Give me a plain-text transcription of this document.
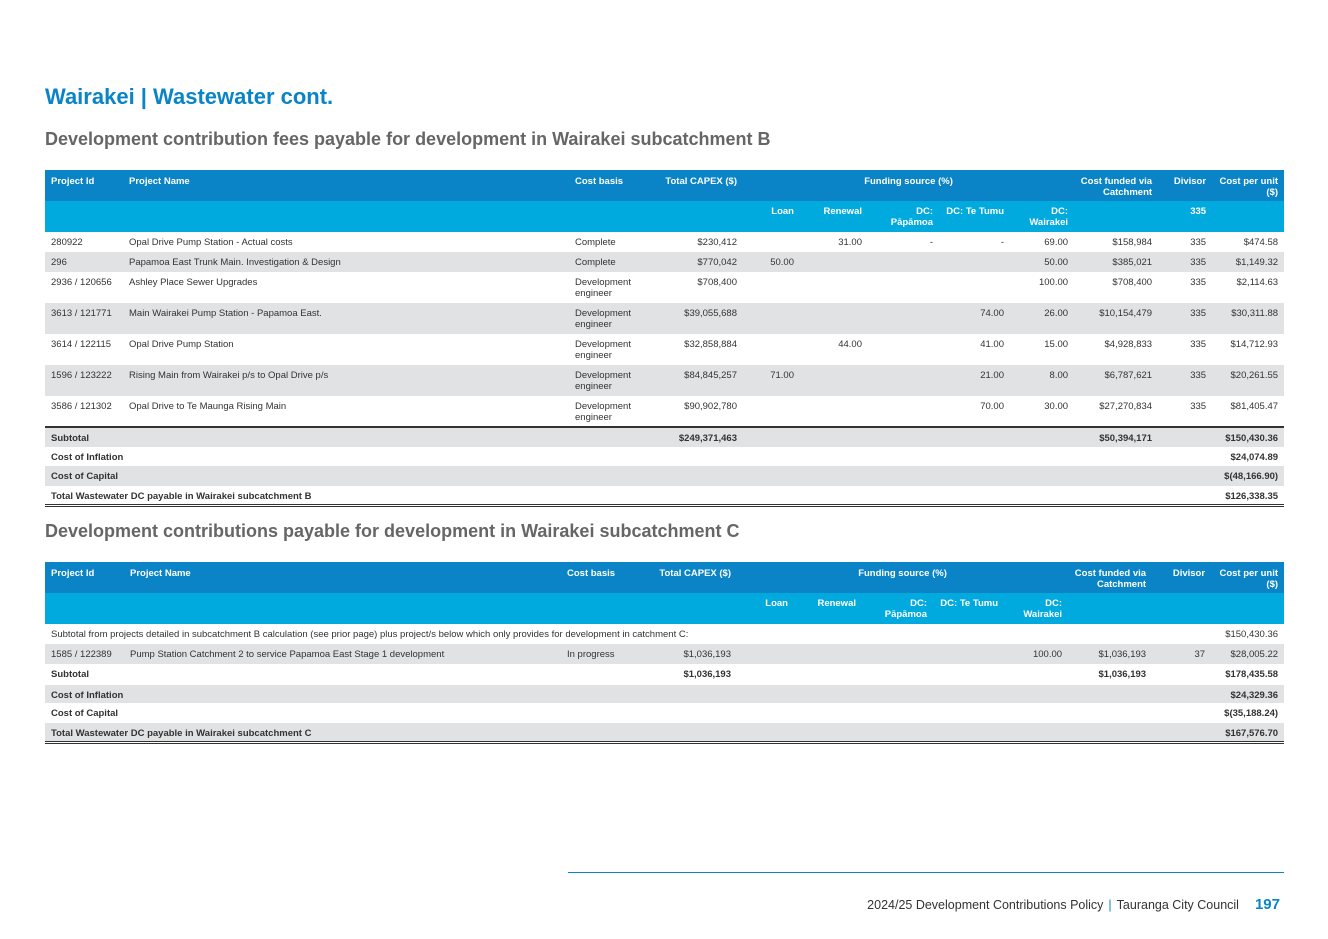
Wairakei | Wastewater cont.
Development contribution fees payable for development in Wairakei subcatchment B
Project Id	Project Name	Cost basis	Total CAPEX ($)	Funding source (%)					Cost funded via Catchment	Divisor	Cost per unit ($)
				Loan	Renewal	DC: Pāpāmoa	DC: Te Tumu	DC: Wairakei		335	
280922	Opal Drive Pump Station - Actual costs	Complete	$230,412		31.00	-	-	69.00	$158,984	335	$474.58
296	Papamoa East Trunk Main. Investigation & Design	Complete	$770,042	50.00				50.00	$385,021	335	$1,149.32
2936 / 120656	Ashley Place Sewer Upgrades	Development engineer	$708,400					100.00	$708,400	335	$2,114.63
3613 / 121771	Main Wairakei Pump Station - Papamoa East.	Development engineer	$39,055,688				74.00	26.00	$10,154,479	335	$30,311.88
3614 / 122115	Opal Drive Pump Station	Development engineer	$32,858,884		44.00		41.00	15.00	$4,928,833	335	$14,712.93
1596 / 123222	Rising Main from Wairakei p/s to Opal Drive p/s	Development engineer	$84,845,257	71.00			21.00	8.00	$6,787,621	335	$20,261.55
3586 / 121302	Opal Drive to Te Maunga Rising Main	Development engineer	$90,902,780				70.00	30.00	$27,270,834	335	$81,405.47
Subtotal			$249,371,463						$50,394,171		$150,430.36
Cost of Inflation											$24,074.89
Cost of Capital											$(48,166.90)
Total Wastewater DC payable in Wairakei subcatchment B											$126,338.35
Development contributions payable for development in Wairakei subcatchment C
Project Id	Project Name	Cost basis	Total CAPEX ($)	Funding source (%)					Cost funded via Catchment	Divisor	Cost per unit ($)
				Loan	Renewal	DC: Pāpāmoa	DC: Te Tumu	DC: Wairakei			
Subtotal from projects detailed in subcatchment B calculation (see prior page) plus project/s below which only provides for development in catchment C:											$150,430.36
1585 / 122389	Pump Station Catchment 2 to service Papamoa East Stage 1 development	In progress	$1,036,193					100.00	$1,036,193	37	$28,005.22
Subtotal			$1,036,193						$1,036,193		$178,435.58
Cost of Inflation											$24,329.36
Cost of Capital											$(35,188.24)
Total Wastewater DC payable in Wairakei subcatchment C											$167,576.70
2024/25 Development Contributions Policy | Tauranga City Council 197
